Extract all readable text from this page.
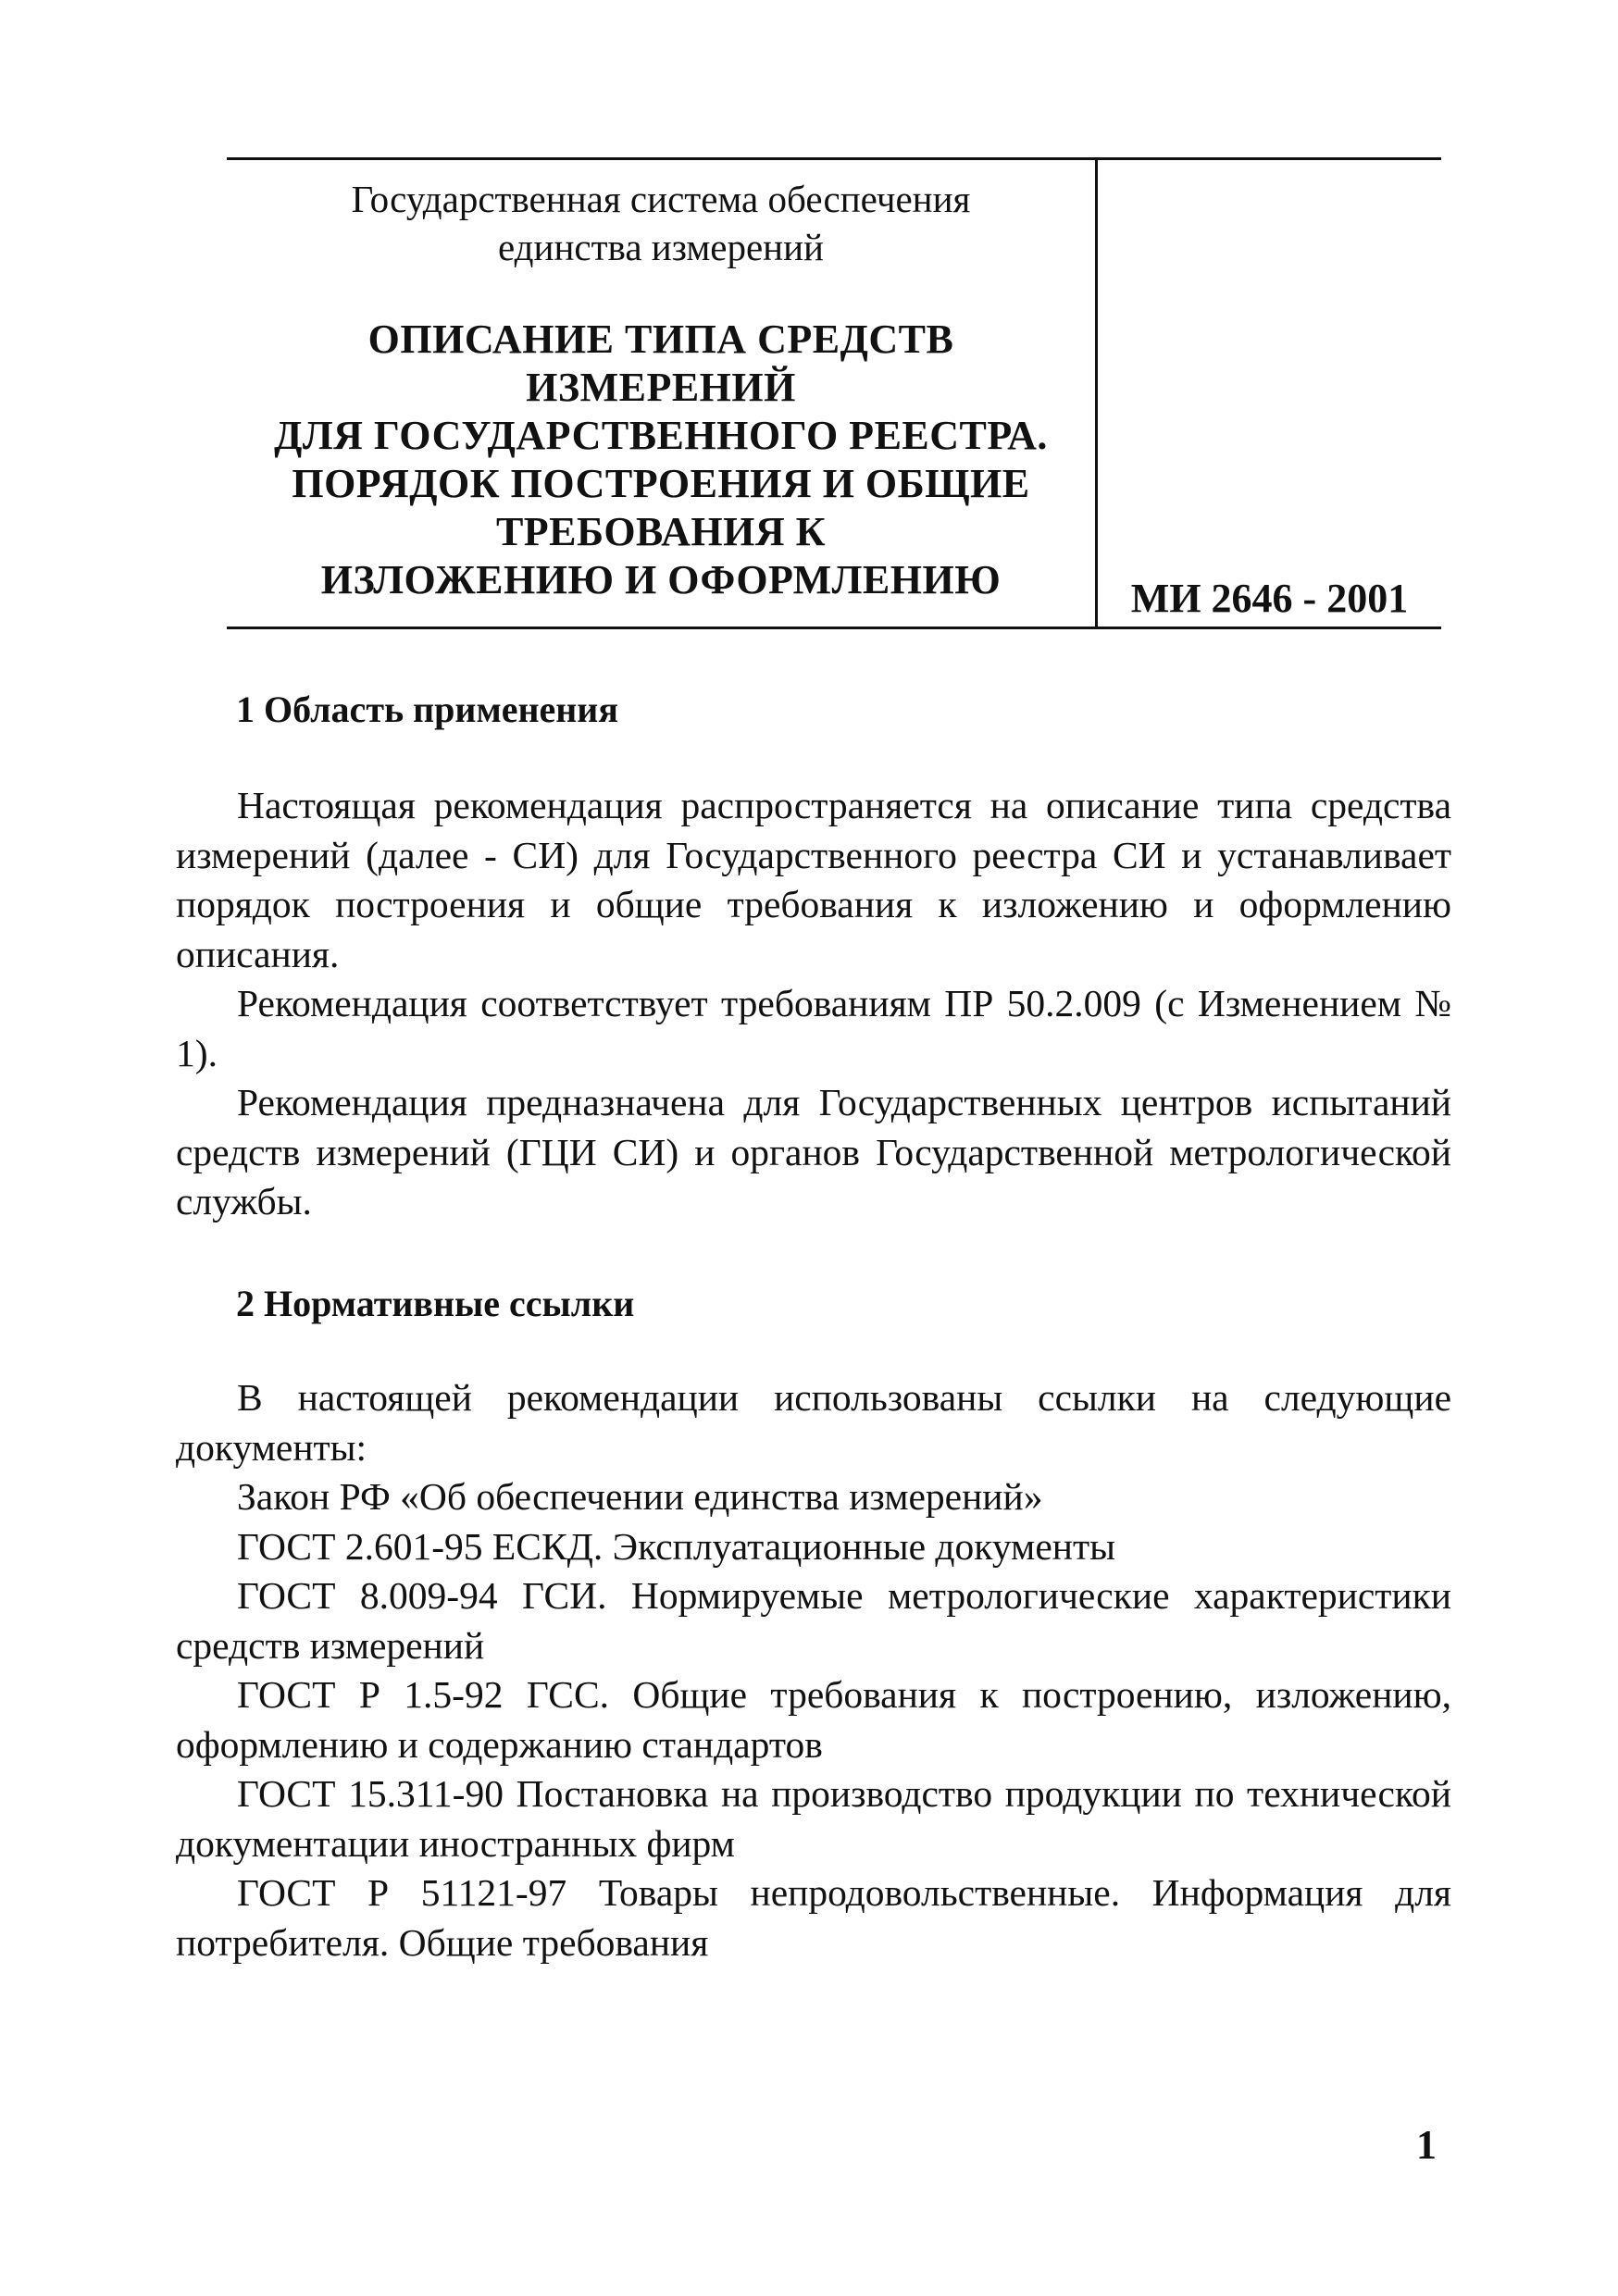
Государственная система обеспечения

единства измерений

ОПИСАНИЕ ТИПА СРЕДСТВ

ИЗМЕРЕНИЙ

ДЛЯ ГОСУДАРСТВЕННОГО РЕЕСТРА.

ПОРЯДОК ПОСТРОЕНИЯ И ОБЩИЕ

ТРЕБОВАНИЯ К

ИЗЛОЖЕНИЮ И ОФОРМЛЕНИЮ	МИ 2646 - 2001

1 Область применения

Настоящая рекомендация распространяется на описание типа средства измерений (далее - СИ) для Государственного реестра СИ и устанавливает порядок построения и общие требования к изложению и оформлению описания.

Рекомендация соответствует требованиям ПР 50.2.009 (с Изменением № 1).

Рекомендация предназначена для Государственных центров испытаний средств измерений (ГЦИ СИ) и органов Государственной метрологической службы.

2 Нормативные ссылки

В настоящей рекомендации использованы ссылки на следующие документы:

Закон РФ «Об обеспечении единства измерений»

ГОСТ 2.601-95 ЕСКД. Эксплуатационные документы

ГОСТ 8.009-94 ГСИ. Нормируемые метрологические характеристики средств измерений

ГОСТ Р 1.5-92 ГСС. Общие требования к построению, изложению, оформлению и содержанию стандартов

ГОСТ 15.311-90 Постановка на производство продукции по технической документации иностранных фирм

ГОСТ Р 51121-97 Товары непродовольственные. Информация для потребителя. Общие требования

1
